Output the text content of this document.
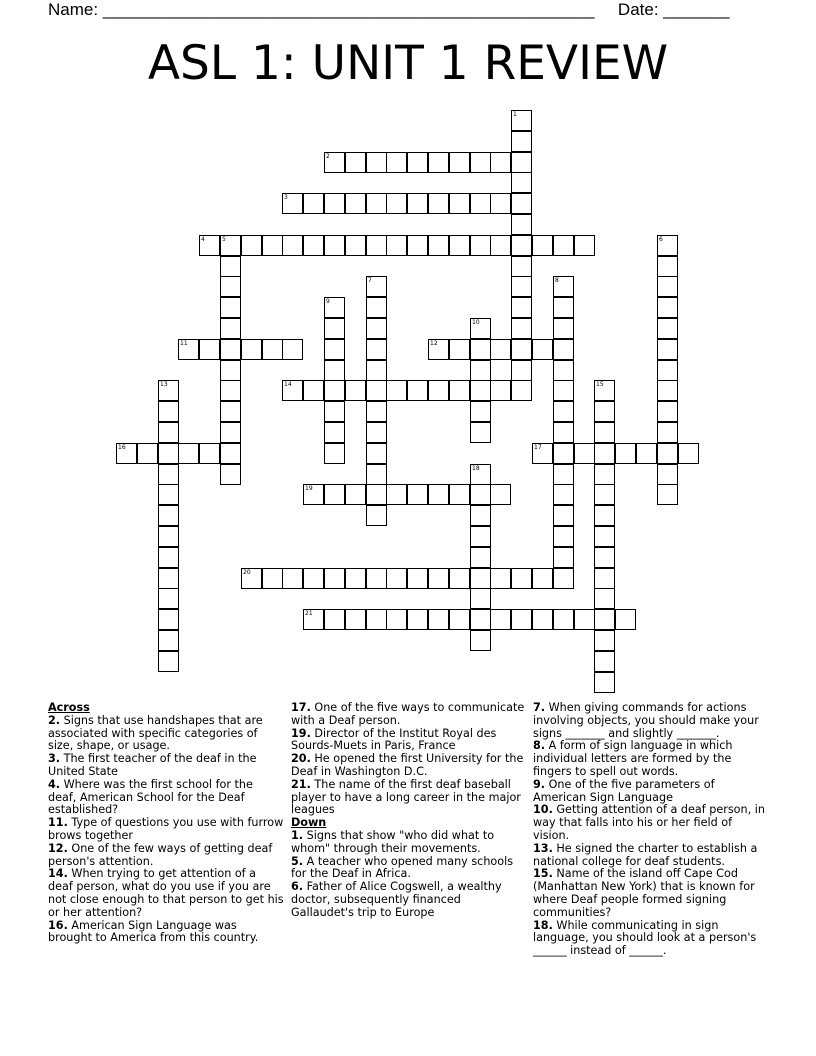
Name: ____________________________________________________ Date: _______
ASL 1: UNIT 1 REVIEW
1
2
3
4	5	6
7	8
9
10
11	12
13	14	15
16	17
18
19
20
21

Across

2. Signs that use handshapes that are associated with specific categories of size, shape, or usage.

3. The first teacher of the deaf in the United State

4. Where was the first school for the deaf, American School for the Deaf established?

11. Type of questions you use with furrow brows together

12. One of the few ways of getting deaf person's attention.

14. When trying to get attention of a deaf person, what do you use if you are not close enough to that person to get his or her attention?

16. American Sign Language was brought to America from this country.

17. One of the five ways to communicate with a Deaf person.

19. Director of the Institut Royal des Sourds-Muets in Paris, France

20. He opened the first University for the Deaf in Washington D.C.

21. The name of the first deaf baseball player to have a long career in the major leagues

Down

1. Signs that show "who did what to whom" through their movements.

5. A teacher who opened many schools for the Deaf in Africa.

6. Father of Alice Cogswell, a wealthy doctor, subsequently financed Gallaudet's trip to Europe

7. When giving commands for actions involving objects, you should make your signs _______ and slightly _______.

8. A form of sign language in which individual letters are formed by the fingers to spell out words.

9. One of the five parameters of American Sign Language

10. Getting attention of a deaf person, in way that falls into his or her field of vision.

13. He signed the charter to establish a national college for deaf students.

15. Name of the island off Cape Cod (Manhattan New York) that is known for where Deaf people formed signing communities?

18. While communicating in sign language, you should look at a person's ______ instead of ______.
